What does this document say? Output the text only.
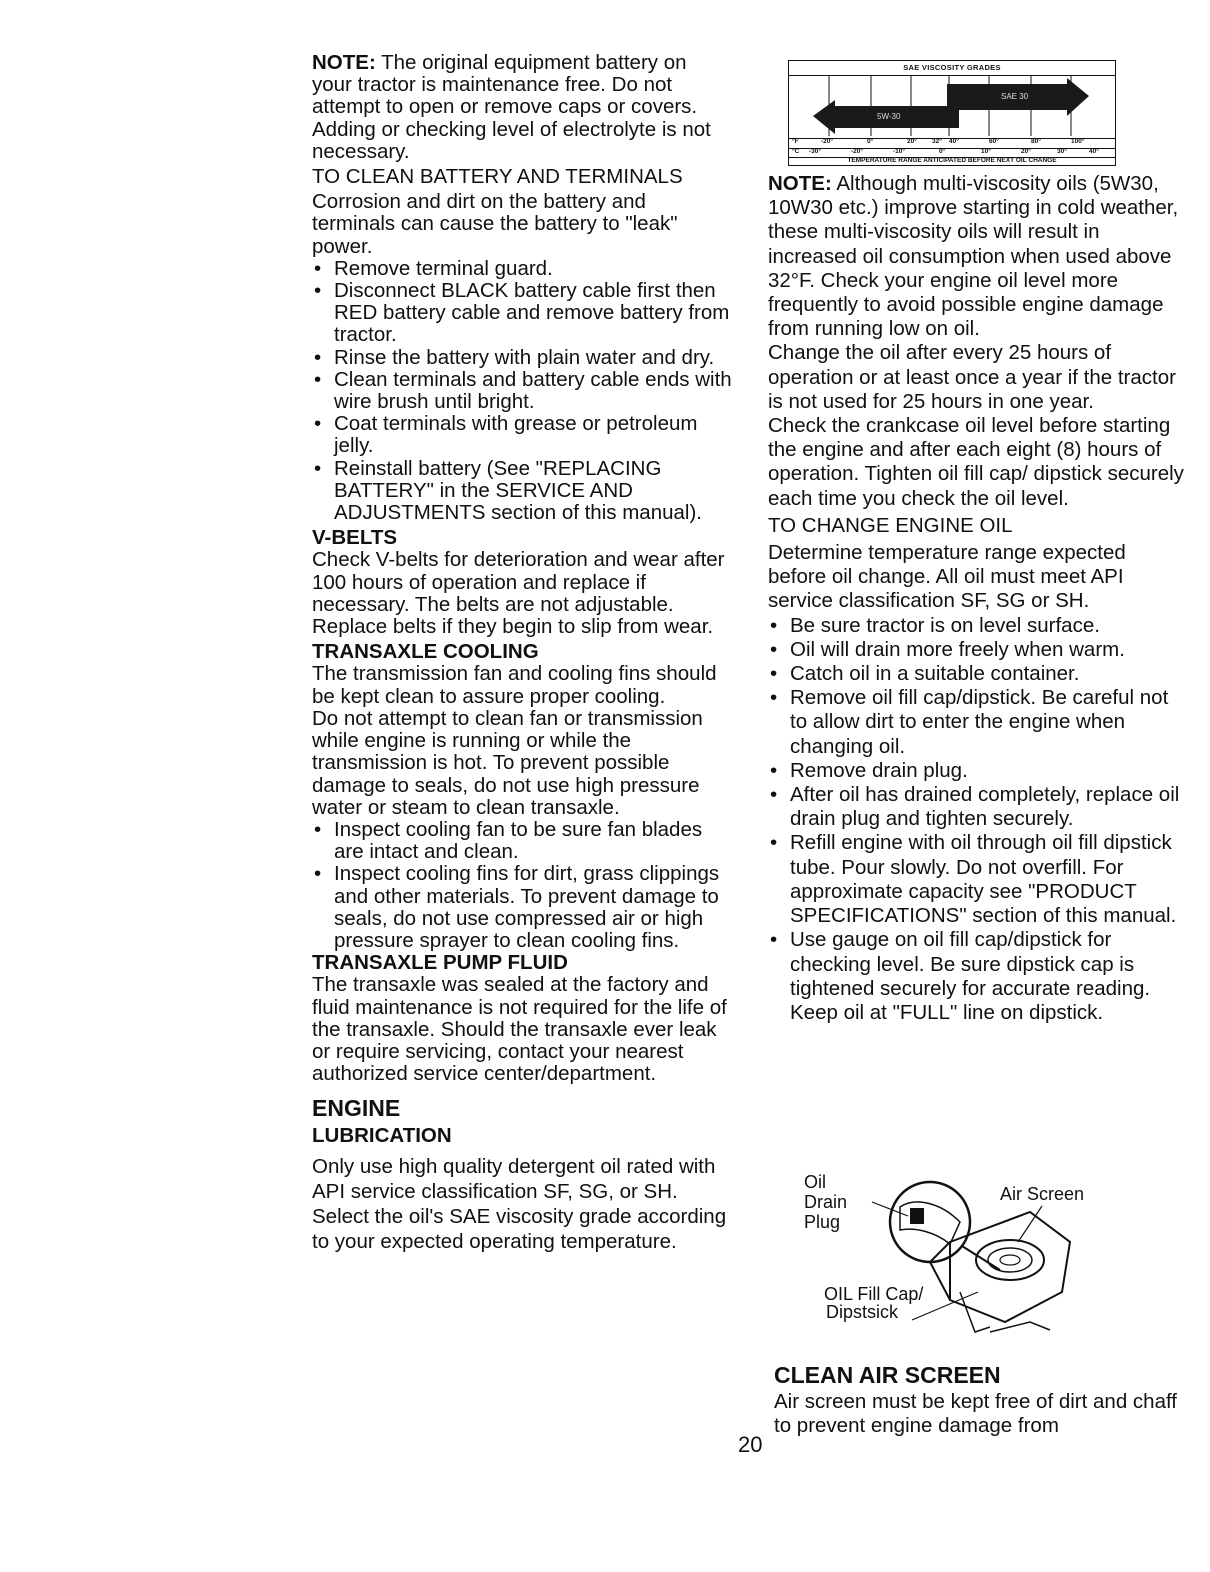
NOTE: The original equipment battery on your tractor is maintenance free. Do not attempt to open or remove caps or covers. Adding or checking level of electrolyte is not necessary.

TO CLEAN BATTERY AND TERMINALS

Corrosion and dirt on the battery and terminals can cause the battery to "leak" power.

• Remove terminal guard.
• Disconnect BLACK battery cable first then RED battery cable and remove battery from tractor.
• Rinse the battery with plain water and dry.
• Clean terminals and battery cable ends with wire brush until bright.
• Coat terminals with grease or petroleum jelly.
• Reinstall battery (See "REPLACING BATTERY" in the SERVICE AND ADJUSTMENTS section of this manual).

V-BELTS

Check V-belts for deterioration and wear after 100 hours of operation and replace if necessary. The belts are not adjustable. Replace belts if they begin to slip from wear.

TRANSAXLE COOLING

The transmission fan and cooling fins should be kept clean to assure proper cooling.

Do not attempt to clean fan or transmission while engine is running or while the transmission is hot. To prevent possible damage to seals, do not use high pressure water or steam to clean transaxle.

• Inspect cooling fan to be sure fan blades are intact and clean.
• Inspect cooling fins for dirt, grass clippings and other materials. To prevent damage to seals, do not use compressed air or high pressure sprayer to clean cooling fins.

TRANSAXLE PUMP FLUID

The transaxle was sealed at the factory and fluid maintenance is not required for the life of the transaxle. Should the transaxle ever leak or require servicing, contact your nearest authorized service center/department.

ENGINE

LUBRICATION

Only use high quality detergent oil rated with API service classification SF, SG, or SH. Select the oil's SAE viscosity grade according to your expected operating temperature.

SAE VISCOSITY GRADES
SAE 30
5W-30
°F	-20°	0°	20° 32° 40°	60°	80°	100°
°C -30°	-20°	-10°	0°	10°	20°	30°	40°
TEMPERATURE RANGE ANTICIPATED BEFORE NEXT OIL CHANGE

NOTE: Although multi-viscosity oils (5W30, 10W30 etc.) improve starting in cold weather, these multi-viscosity oils will result in increased oil consumption when used above 32°F. Check your engine oil level more frequently to avoid possible engine damage from running low on oil.

Change the oil after every 25 hours of operation or at least once a year if the tractor is not used for 25 hours in one year.

Check the crankcase oil level before starting the engine and after each eight (8) hours of operation. Tighten oil fill cap/ dipstick securely each time you check the oil level.

TO CHANGE ENGINE OIL

Determine temperature range expected before oil change. All oil must meet API service classification SF, SG or SH.

• Be sure tractor is on level surface.
• Oil will drain more freely when warm.
• Catch oil in a suitable container.
• Remove oil fill cap/dipstick. Be careful not to allow dirt to enter the engine when changing oil.
• Remove drain plug.
• After oil has drained completely, replace oil drain plug and tighten securely.
• Refill engine with oil through oil fill dipstick tube. Pour slowly. Do not overfill. For approximate capacity see "PRODUCT SPECIFICATIONS" section of this manual.
• Use gauge on oil fill cap/dipstick for checking level. Be sure dipstick cap is tightened securely for accurate reading. Keep oil at "FULL" line on dipstick.
Oil
Drain
Plug
Air Screen
OIL Fill Cap/
Dipstsick

CLEAN AIR SCREEN

Air screen must be kept free of dirt and chaff to prevent engine damage from

20
